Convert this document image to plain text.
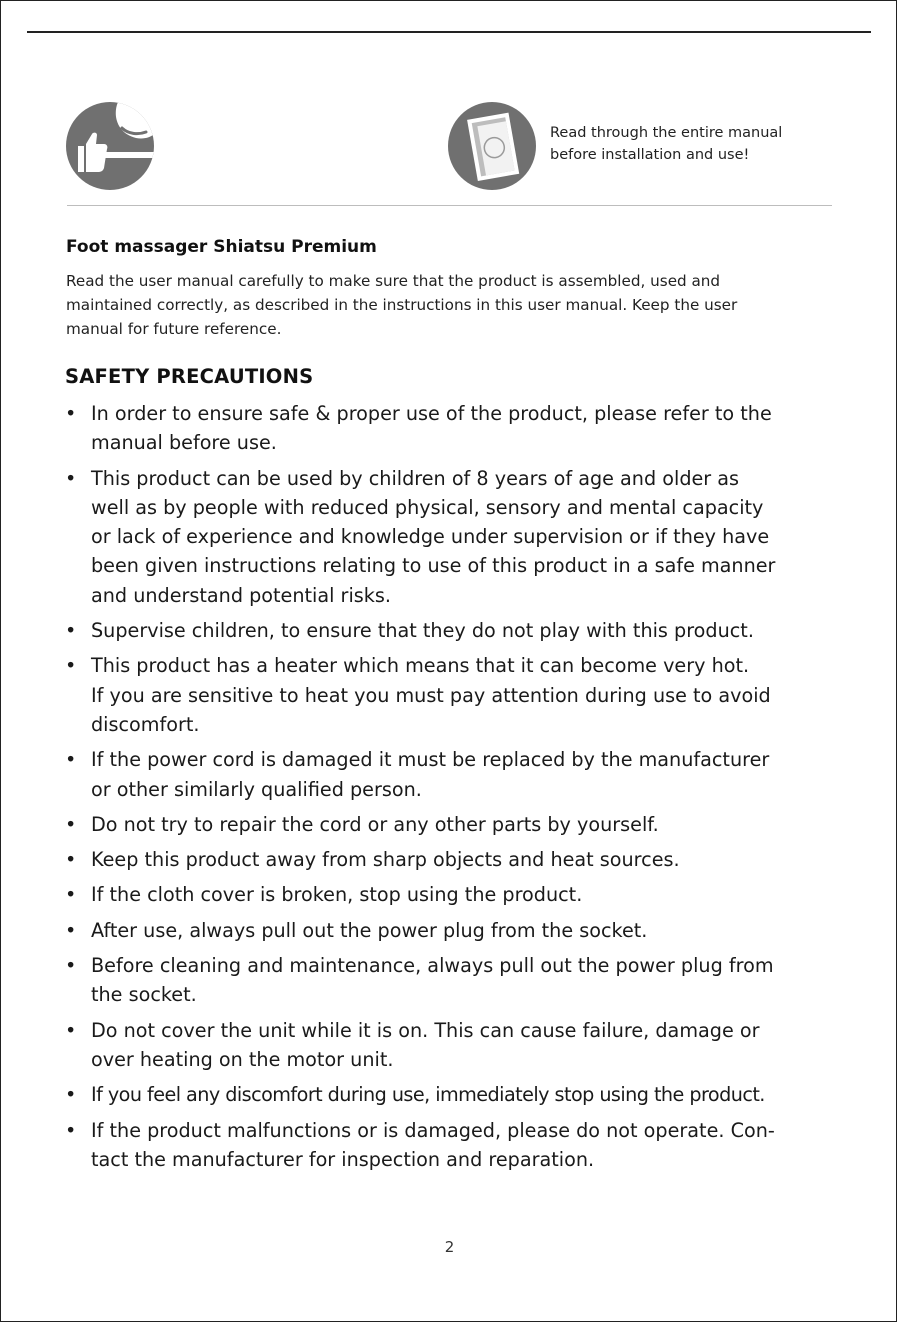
Read through the entire manual
before installation and use!
Foot massager Shiatsu Premium
Read the user manual carefully to make sure that the product is assembled, used and
maintained correctly, as described in the instructions in this user manual. Keep the user
manual for future reference.
SAFETY PRECAUTIONS
• In order to ensure safe & proper use of the product, please refer to the
manual before use.
• This product can be used by children of 8 years of age and older as
well as by people with reduced physical, sensory and mental capacity
or lack of experience and knowledge under supervision or if they have
been given instructions relating to use of this product in a safe manner
and understand potential risks.
• Supervise children, to ensure that they do not play with this product.
• This product has a heater which means that it can become very hot.
If you are sensitive to heat you must pay attention during use to avoid
discomfort.
• If the power cord is damaged it must be replaced by the manufacturer
or other similarly qualified person.
• Do not try to repair the cord or any other parts by yourself.
• Keep this product away from sharp objects and heat sources.
• If the cloth cover is broken, stop using the product.
• After use, always pull out the power plug from the socket.
• Before cleaning and maintenance, always pull out the power plug from
the socket.
• Do not cover the unit while it is on. This can cause failure, damage or
over heating on the motor unit.
• If you feel any discomfort during use, immediately stop using the product.
• If the product malfunctions or is damaged, please do not operate. Con-
tact the manufacturer for inspection and reparation.
2
